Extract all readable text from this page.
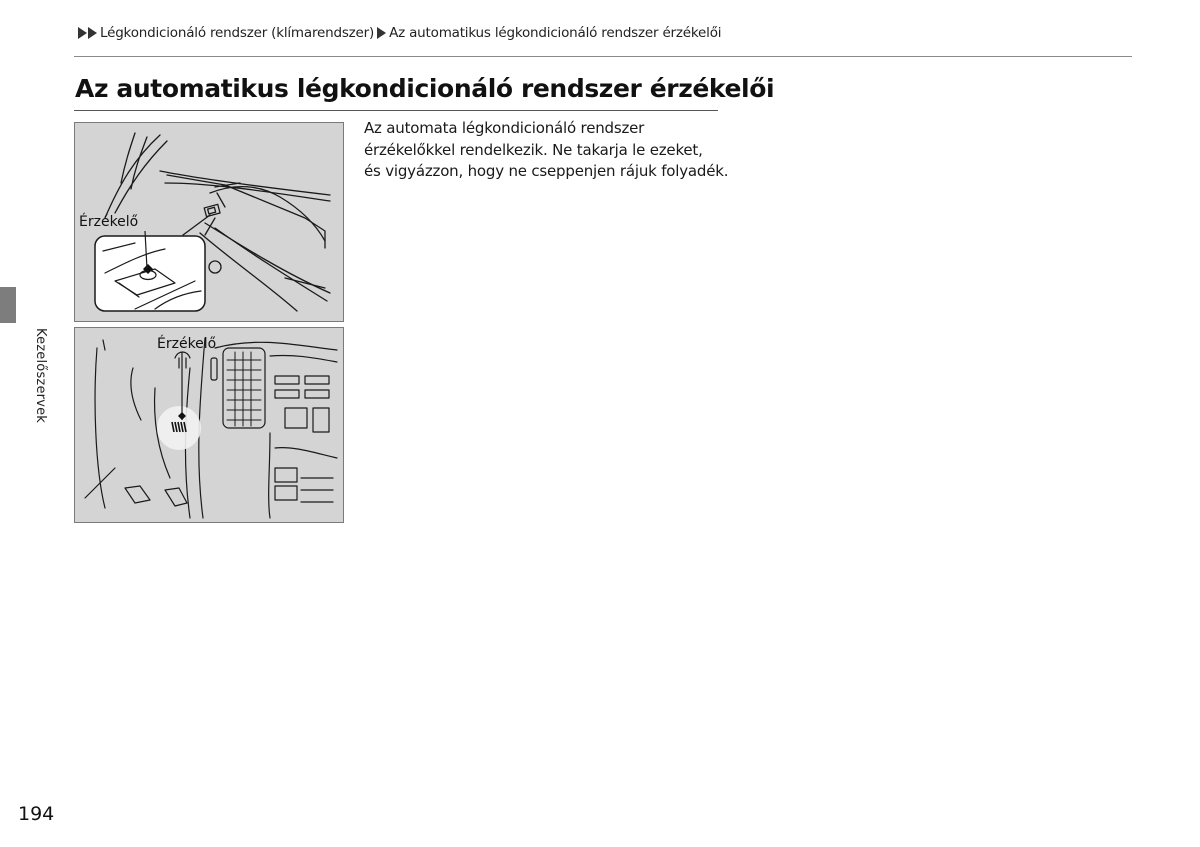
Légkondicionáló rendszer (klímarendszer) Az automatikus légkondicionáló rendszer érzékelői
Az automatikus légkondicionáló rendszer érzékelői
Érzékelő
Érzékelő
Az automata légkondicionáló rendszer
érzékelőkkel rendelkezik. Ne takarja le ezeket,
és vigyázzon, hogy ne cseppenjen rájuk folyadék.
Kezelőszervek
194
